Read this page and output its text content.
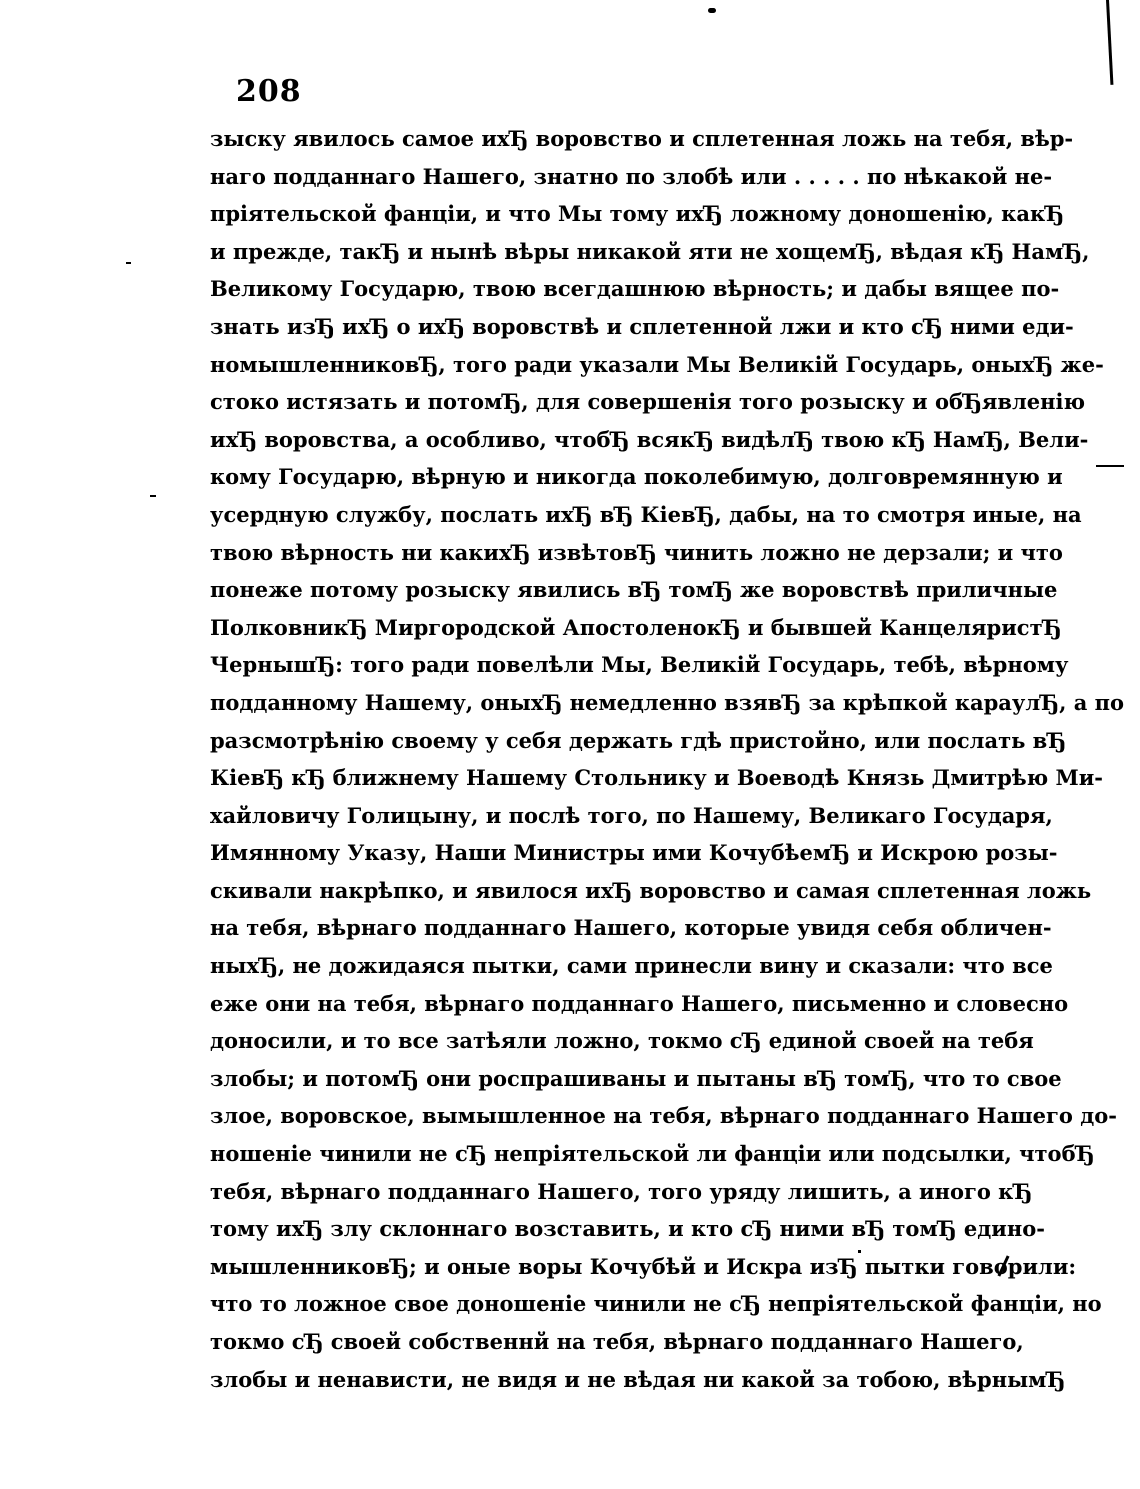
208
зыску явилось самое ихЂ воровство и сплетенная ложь на тебя, вѣр-
наго подданнаго Нашего, знатно по злобѣ или . . . . . по нѣкакой не-
пріятельской фанціи, и что Мы тому ихЂ ложному доношенію, какЂ
и прежде, такЂ и нынѣ вѣры никакой яти не хощемЂ, вѣдая кЂ НамЂ,
Великому Государю, твою всегдашнюю вѣрность; и дабы вящее по-
знать изЂ ихЂ о ихЂ воровствѣ и сплетенной лжи и кто сЂ ними еди-
номышленниковЂ, того ради указали Мы Великій Государь, оныхЂ же-
стоко истязать и потомЂ, для совершенія того розыску и обЂявленію
ихЂ воровства, а особливо, чтобЂ всякЂ видѣлЂ твою кЂ НамЂ, Вели-
кому Государю, вѣрную и никогда поколебимую, долговремянную и
усердную службу, послать ихЂ вЂ КіевЂ, дабы, на то смотря иные, на
твою вѣрность ни какихЂ извѣтовЂ чинить ложно не дерзали; и что
понеже потому розыску явились вЂ томЂ же воровствѣ приличные
ПолковникЂ Миргородской АпостоленокЂ и бывшей КанцеляристЂ
ЧернышЂ: того ради повелѣли Мы, Великій Государь, тебѣ, вѣрному
подданному Нашему, оныхЂ немедленно взявЂ за крѣпкой караулЂ, а по
разсмотрѣнію своему у себя держать гдѣ пристойно, или послать вЂ
КіевЂ кЂ ближнему Нашему Стольнику и Воеводѣ Князь Дмитрѣю Ми-
хайловичу Голицыну, и послѣ того, по Нашему, Великаго Государя,
Имянному Указу, Наши Министры ими КочубѣемЂ и Искрою розы-
скивали накрѣпко, и явилося ихЂ воровство и самая сплетенная ложь
на тебя, вѣрнаго подданнаго Нашего, которые увидя себя обличен-
ныхЂ, не дожидаяся пытки, сами принесли вину и сказали: что все
еже они на тебя, вѣрнаго подданнаго Нашего, письменно и словесно
доносили, и то все затѣяли ложно, токмо сЂ единой своей на тебя
злобы; и потомЂ они роспрашиваны и пытаны вЂ томЂ, что то свое
злое, воровское, вымышленное на тебя, вѣрнаго подданнаго Нашего до-
ношеніе чинили не сЂ непріятельской ли фанціи или подсылки, чтобЂ
тебя, вѣрнаго подданнаго Нашего, того уряду лишить, а иного кЂ
тому ихЂ злу склоннаго возставить, и кто сЂ ними вЂ томЂ едино-
мышленниковЂ; и оные воры Кочубѣй и Искра изЂ пытки говорили:
что то ложное свое доношеніе чинили не сЂ непріятельской фанціи, но
токмо сЂ своей собственнй на тебя, вѣрнаго подданнаго Нашего,
злобы и ненависти, не видя и не вѣдая ни какой за тобою, вѣрнымЂ
